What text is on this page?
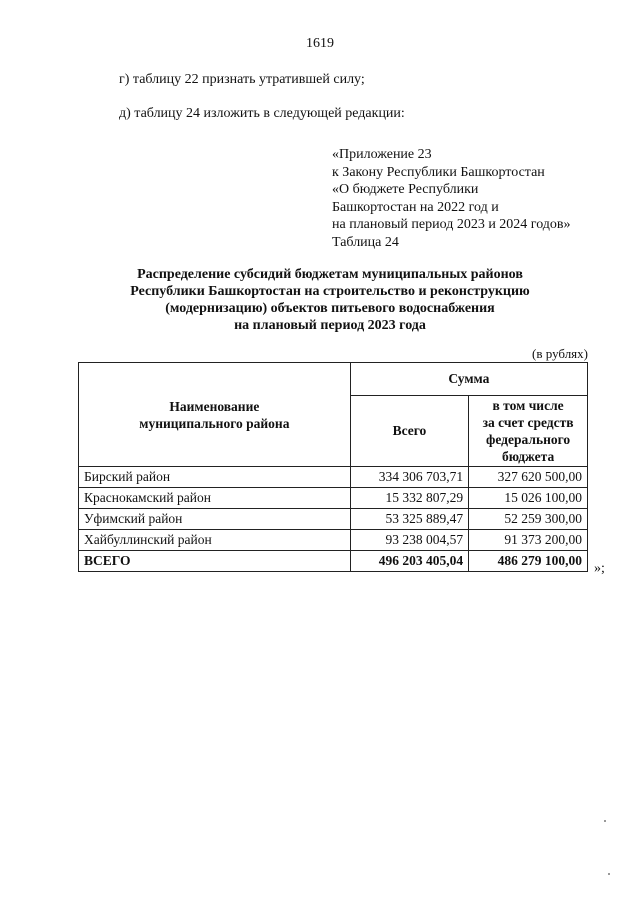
1619
г) таблицу 22 признать утратившей силу;
д) таблицу 24 изложить в следующей редакции:
«Приложение 23
к Закону Республики Башкортостан
«О бюджете Республики
Башкортостан на 2022 год и
на плановый период 2023 и 2024 годов»
Таблица 24
Распределение субсидий бюджетам муниципальных районов
Республики Башкортостан на строительство и реконструкцию
(модернизацию) объектов питьевого водоснабжения
на плановый период 2023 года
(в рублях)
Наименование
муниципального района	Сумма	
	Всего	в том числе
за счет средств
федерального
бюджета

Бирский район	334 306 703,71	327 620 500,00
Краснокамский район	15 332 807,29	15 026 100,00
Уфимский район	53 325 889,47	52 259 300,00
Хайбуллинский район	93 238 004,57	91 373 200,00
ВСЕГО	496 203 405,04	486 279 100,00
»;
